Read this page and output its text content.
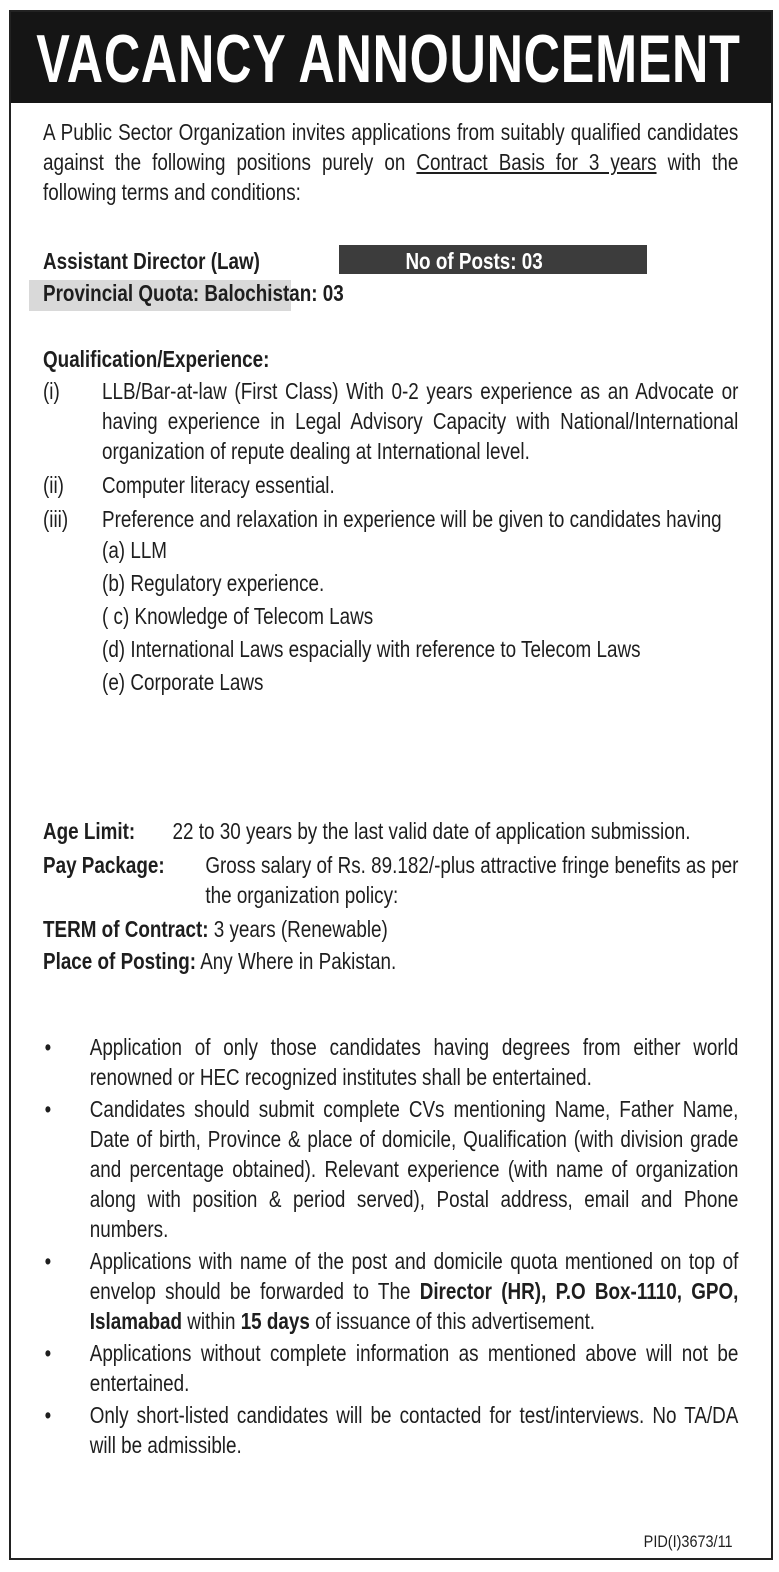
VACANCY ANNOUNCEMENT
A Public Sector Organization invites applications from suitably qualified candidates against the following positions purely on Contract Basis for 3 years with the following terms and conditions:
Assistant Director (Law)	No of Posts: 03
Provincial Quota: Balochistan: 03
Qualification/Experience:
(i)	LLB/Bar-at-law (First Class) With 0-2 years experience as an Advocate or having experience in Legal Advisory Capacity with National/International organization of repute dealing at International level.
(ii)	Computer literacy essential.
(iii)	Preference and relaxation in experience will be given to candidates having
(a) LLM
(b) Regulatory experience.
( c) Knowledge of Telecom Laws
(d) International Laws espacially with reference to Telecom Laws
(e) Corporate Laws
Age Limit:	22 to 30 years by the last valid date of application submission.
Pay Package:	Gross salary of Rs. 89.182/-plus attractive fringe benefits as per the organization policy:
TERM of Contract: 3 years (Renewable)
Place of Posting: Any Where in Pakistan.
•	Application of only those candidates having degrees from either world renowned or HEC recognized institutes shall be entertained.
•	Candidates should submit complete CVs mentioning Name, Father Name, Date of birth, Province & place of domicile, Qualification (with division grade and percentage obtained). Relevant experience (with name of organization along with position & period served), Postal address, email and Phone numbers.
•	Applications with name of the post and domicile quota mentioned on top of envelop should be forwarded to The Director (HR), P.O Box-1110, GPO, Islamabad within 15 days of issuance of this advertisement.
•	Applications without complete information as mentioned above will not be entertained.
•	Only short-listed candidates will be contacted for test/interviews. No TA/DA will be admissible.
PID(I)3673/11
